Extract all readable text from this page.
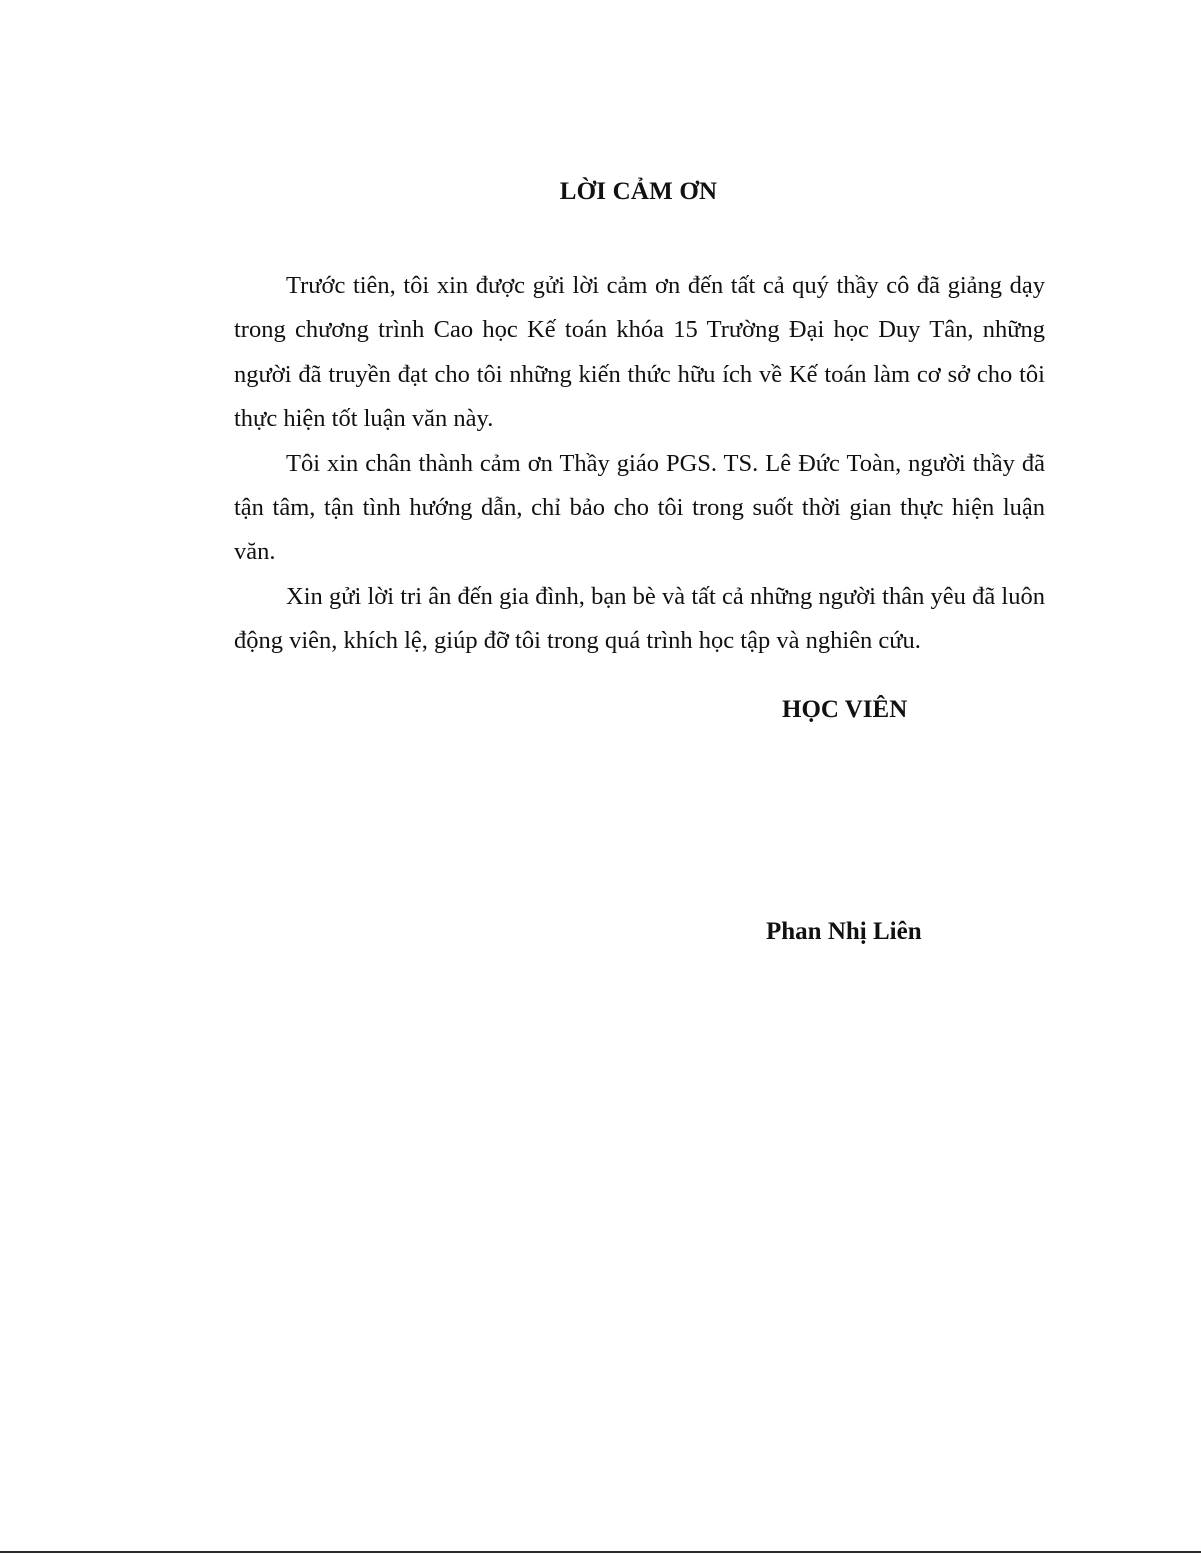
LỜI CẢM ƠN

Trước tiên, tôi xin được gửi lời cảm ơn đến tất cả quý thầy cô đã giảng dạy trong chương trình Cao học Kế toán khóa 15 Trường Đại học Duy Tân, những người đã truyền đạt cho tôi những kiến thức hữu ích về Kế toán làm cơ sở cho tôi thực hiện tốt luận văn này.

Tôi xin chân thành cảm ơn Thầy giáo PGS. TS. Lê Đức Toàn, người thầy đã tận tâm, tận tình hướng dẫn, chỉ bảo cho tôi trong suốt thời gian thực hiện luận văn.

Xin gửi lời tri ân đến gia đình, bạn bè và tất cả những người thân yêu đã luôn động viên, khích lệ, giúp đỡ tôi trong quá trình học tập và nghiên cứu.

HỌC VIÊN

Phan Nhị Liên
